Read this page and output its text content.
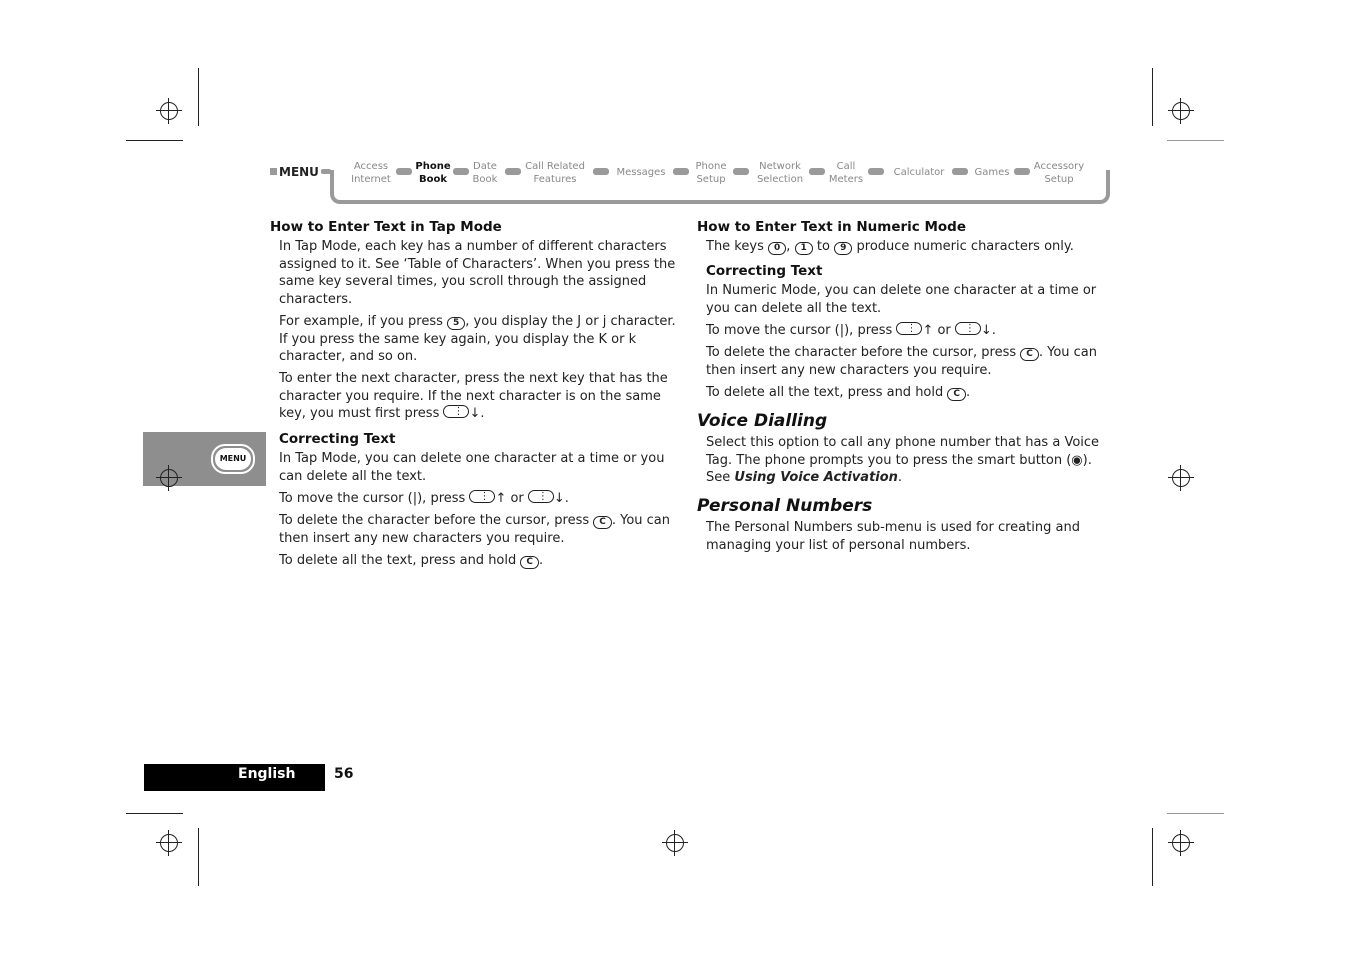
MENU	Access
Internet
Phone
Book
Date
Book
Call Related
Features
Messages
Phone
Setup
Network
Selection
Call
Meters
Calculator	Games
Accessory
Setup
MENU
How to Enter Text in Tap Mode

In Tap Mode, each key has a number of different characters assigned to it. See ‘Table of Characters’. When you press the same key several times, you scroll through the assigned characters.

For example, if you press 5 , you display the J or j character. If you press the same key again, you display the K or k character, and so on.

To enter the next character, press the next key that has the character you require. If the next character is on the same key, you must first press ⋮↓.

Correcting Text

In Tap Mode, you can delete one character at a time or you can delete all the text.

To move the cursor (|), press ⋮↑ or ⋮↓.

To delete the character before the cursor, press C . You can then insert any new characters you require.

To delete all the text, press and hold C .

How to Enter Text in Numeric Mode

The keys 0 , 1 to 9 produce numeric characters only.

Correcting Text

In Numeric Mode, you can delete one character at a time or you can delete all the text.

To move the cursor (|), press ⋮↑ or ⋮↓.

To delete the character before the cursor, press C . You can then insert any new characters you require.

To delete all the text, press and hold C .

Voice Dialling

Select this option to call any phone number that has a Voice Tag. The phone prompts you to press the smart button (◉). See Using Voice Activation.

Personal Numbers

The Personal Numbers sub-menu is used for creating and managing your list of personal numbers.

English	56
